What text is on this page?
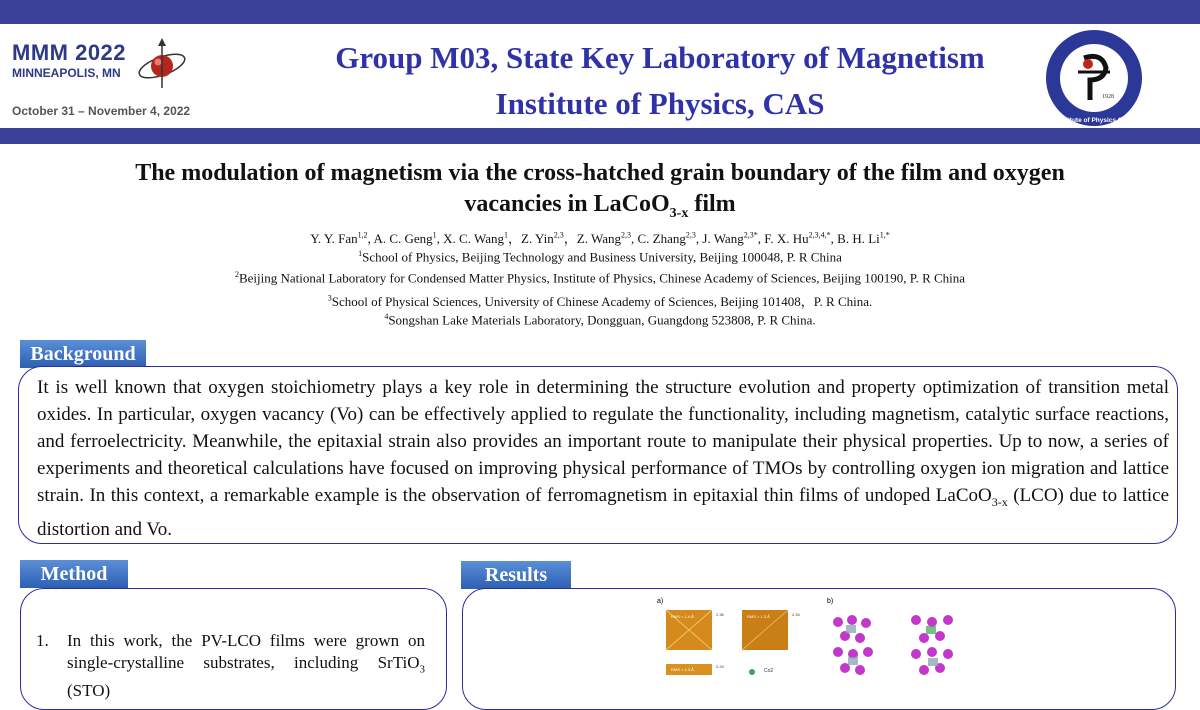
MMM 2022
MINNEAPOLIS, MN
October 31 – November 4, 2022
Group M03, State Key Laboratory of Magnetism
Institute of Physics, CAS	1928
Institute of Physics CAS
The modulation of magnetism via the cross-hatched grain boundary of the film and oxygen
vacancies in LaCoO$_{3-x}$ film
Y. Y. Fan$^{1,2}$, A. C. Geng$^1$, X. C. Wang$^1$，Z. Yin$^{2,3}$，Z. Wang$^{2,3}$, C. Zhang$^{2,3}$, J. Wang$^{2,3*}$, F. X. $Hu^{2,3,4,*}$, B. H. $Li^{1,*}$
$^1$School of Physics, Beijing Technology and Business University, Beijing 100048, P. R China
$^2$Beijing National Laboratory for Condensed Matter Physics, Institute of Physics, Chinese Academy of Sciences, Beijing 100190, P. R China
$^3$School of Physical Sciences, University of Chinese Academy of Sciences, Beijing 101408，P. R China.
$^4$Songshan Lake Materials Laboratory, Dongguan, Guangdong 523808, P. R China.
Background
It is well known that oxygen stoichiometry plays a key role in determining the structure evolution and property optimization of transition metal oxides. In particular, oxygen vacancy (Vo) can be effectively applied to regulate the functionality, including magnetism, catalytic surface reactions, and ferroelectricity. Meanwhile, the epitaxial strain also provides an important route to manipulate their physical properties. Up to now, a series of experiments and theoretical calculations have focused on improving physical performance of TMOs by controlling oxygen ion migration and lattice strain. In this context, a remarkable example is the observation of ferromagnetism in epitaxial thin films of undoped LaCoO$_{3-x}$ (LCO) due to lattice distortion and Vo.
Method
1. In this work, the PV-LCO films were grown on single-crystalline substrates, including SrTiO$_3$ (STO)
Results
a)	b)
RMS = 1.4 Å	RMS = 1.3 Å
RMS = 1.3 Å
2.36	2.34
2.24
Co2
